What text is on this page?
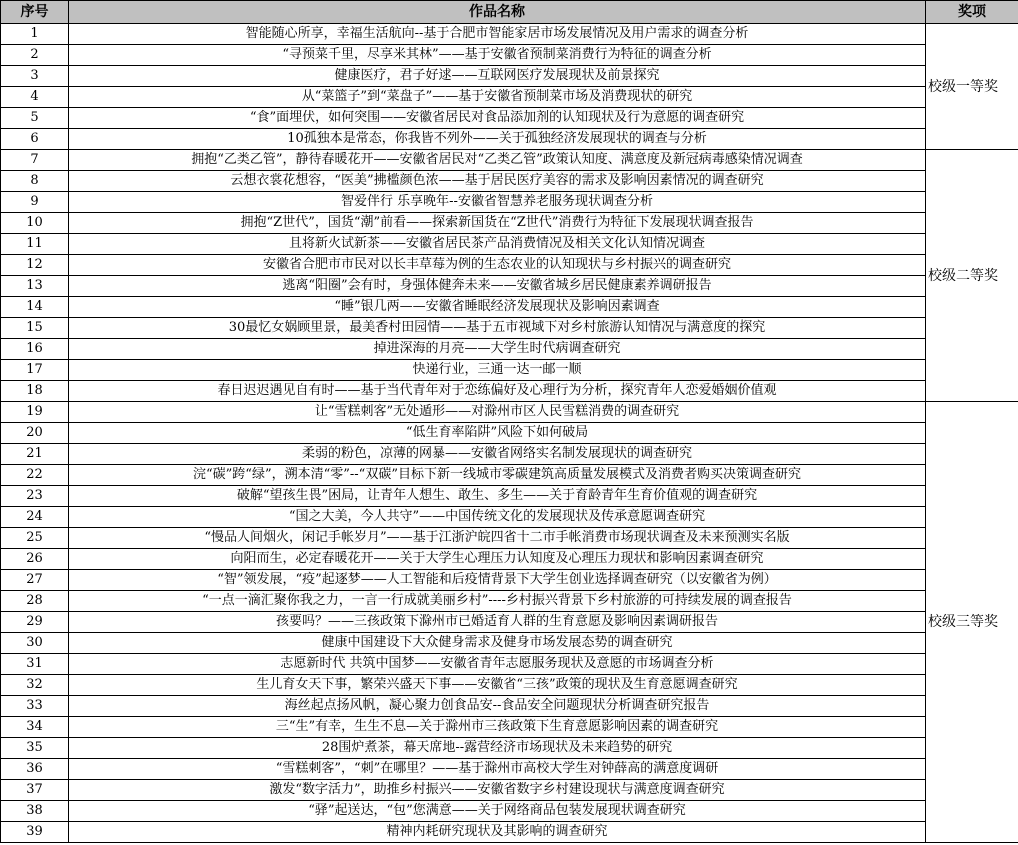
序号	作品名称	奖项
1	智能随心所享，幸福生活航向--基于合肥市智能家居市场发展情况及用户需求的调查分析	校级一等奖
2	“寻预菜千里，尽享米其林”——基于安徽省预制菜消费行为特征的调查分析	
3	健康医疗，君子好逑——互联网医疗发展现状及前景探究	
4	从“菜篮子”到“菜盘子”——基于安徽省预制菜市场及消费现状的研究	
5	“食”面埋伏，如何突围——安徽省居民对食品添加剂的认知现状及行为意愿的调查研究	
6	10孤独本是常态，你我皆不列外——关于孤独经济发展现状的调查与分析	
7	拥抱“乙类乙管”，静待春暖花开——安徽省居民对“乙类乙管”政策认知度、满意度及新冠病毒感染情况调查	校级二等奖
8	云想衣裳花想容，“医美”拂槛颜色浓——基于居民医疗美容的需求及影响因素情况的调查研究	
9	智爱伴行 乐享晚年--安徽省智慧养老服务现状调查分析	
10	拥抱“Z世代”，国货“潮”前看——探索新国货在“Z世代”消费行为特征下发展现状调查报告	
11	且将新火试新茶——安徽省居民茶产品消费情况及相关文化认知情况调查	
12	安徽省合肥市市民对以长丰草莓为例的生态农业的认知现状与乡村振兴的调查研究	
13	逃离“阳圈”会有时，身强体健奔未来——安徽省城乡居民健康素养调研报告	
14	“睡”银几两——安徽省睡眠经济发展现状及影响因素调查	
15	30最忆女娲顾里景，最美香村田园情——基于五市视域下对乡村旅游认知情况与满意度的探究	
16	掉进深海的月亮——大学生时代病调查研究	
17	快递行业，三通一达一邮一顺	
18	春日迟迟遇见自有时——基于当代青年对于恋练偏好及心理行为分析，探究青年人恋爱婚姻价值观	
19	让“雪糕刺客”无处遁形——对滁州市区人民雪糕消费的调查研究	校级三等奖
20	“低生育率陷阱”风险下如何破局	
21	柔弱的粉色，凉薄的网暴——安徽省网络实名制发展现状的调查研究	
22	浣“碳”跨“绿”，溯本清“零”--“双碳”目标下新一线城市零碳建筑高质量发展模式及消费者购买决策调查研究	
23	破解“望孩生畏”困局，让青年人想生、敢生、多生——关于育龄青年生育价值观的调查研究	
24	“国之大美，今人共守”——中国传统文化的发展现状及传承意愿调查研究	
25	“慢品人间烟火，闲记手帐岁月”——基于江浙沪皖四省十二市手帐消费市场现状调查及未来预测实名版	
26	向阳而生，必定春暖花开——关于大学生心理压力认知度及心理压力现状和影响因素调查研究	
27	“智”领发展，“疫”起逐梦——人工智能和后疫情背景下大学生创业选择调查研究（以安徽省为例）	
28	“一点一滴汇聚你我之力，一言一行成就美丽乡村”----乡村振兴背景下乡村旅游的可持续发展的调查报告	
29	孩要吗？——三孩政策下滁州市已婚适育人群的生育意愿及影响因素调研报告	
30	健康中国建设下大众健身需求及健身市场发展态势的调查研究	
31	志愿新时代 共筑中国梦——安徽省青年志愿服务现状及意愿的市场调查分析	
32	生儿育女天下事，繁荣兴盛天下事——安徽省“三孩”政策的现状及生育意愿调查研究	
33	海丝起点扬风帆，凝心聚力创食品安--食品安全问题现状分析调查研究报告	
34	三“生”有幸，生生不息—关于滁州市三孩政策下生育意愿影响因素的调查研究	
35	28围炉煮茶，幕天席地--露营经济市场现状及未来趋势的研究	
36	“雪糕刺客”，“刺”在哪里？——基于滁州市高校大学生对钟薛高的满意度调研	
37	激发“数字活力”，助推乡村振兴——安徽省数字乡村建设现状与满意度调查研究	
38	“驿”起送达，“包”您满意——关于网络商品包装发展现状调查研究	
39	精神内耗研究现状及其影响的调查研究	
